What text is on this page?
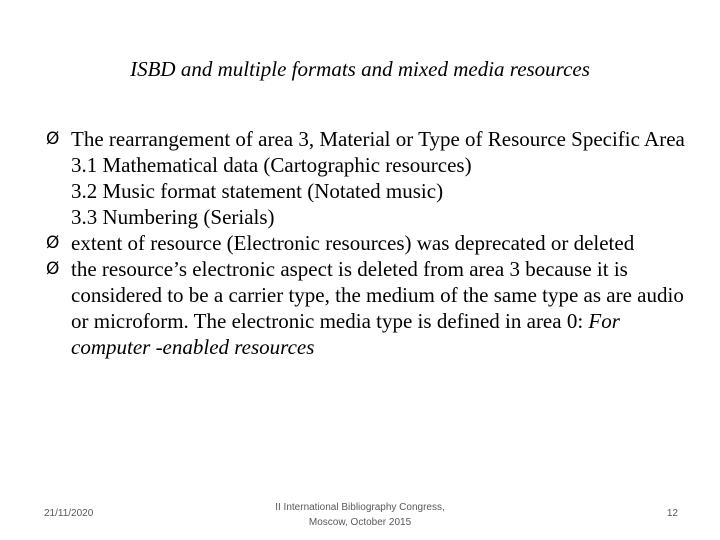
ISBD and multiple formats and mixed media resources

Ø The rearrangement of area 3, Material or Type of Resource Specific Area

3.1 Mathematical data (Cartographic resources)

3.2 Music format statement (Notated music)

3.3 Numbering (Serials)

Ø extent of resource (Electronic resources) was deprecated or deleted

Ø the resource’s electronic aspect is deleted from area 3 because it is considered to be a carrier type, the medium of the same type as are audio or microform. The electronic media type is defined in area 0: For computer -enabled resources

21/11/2020
II International Bibliography Congress,
Moscow, October 2015
12
